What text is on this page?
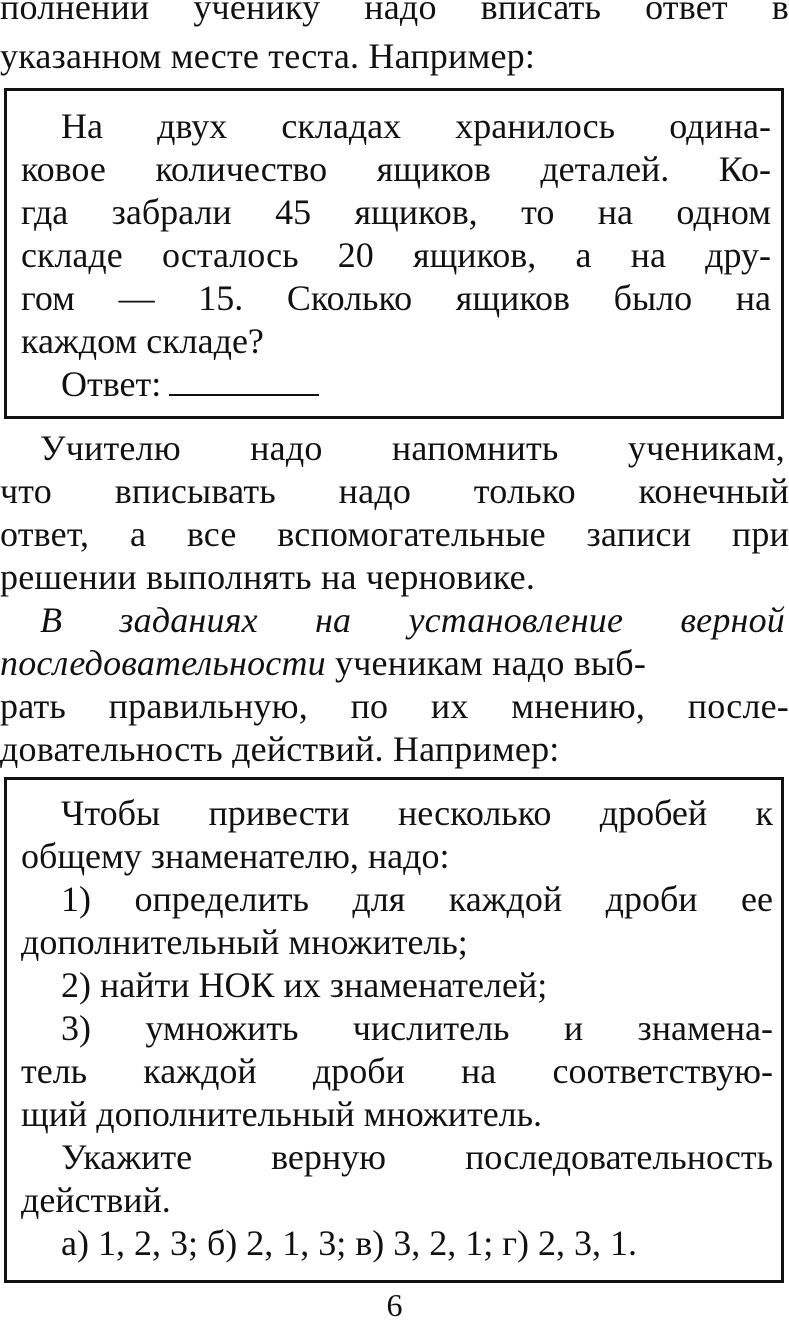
полнении ученику надо вписать ответ в
указанном месте теста. Например:
На двух складах хранилось одина-
ковое количество ящиков деталей. Ко-
гда забрали 45 ящиков, то на одном
складе осталось 20 ящиков, а на дру-
гом — 15. Сколько ящиков было на
каждом складе?
Ответ:
Учителю надо напомнить ученикам,
что вписывать надо только конечный
ответ, а все вспомогательные записи при
решении выполнять на черновике.
В заданиях на установление верной
последовательности ученикам надо выб-
рать правильную, по их мнению, после-
довательность действий. Например:
Чтобы привести несколько дробей к
общему знаменателю, надо:
1) определить для каждой дроби ее
дополнительный множитель;
2) найти НОК их знаменателей;
3) умножить числитель и знамена-
тель каждой дроби на соответствую-
щий дополнительный множитель.
Укажите верную последовательность
действий.
а) 1, 2, 3; б) 2, 1, 3; в) 3, 2, 1; г) 2, 3, 1.
6
